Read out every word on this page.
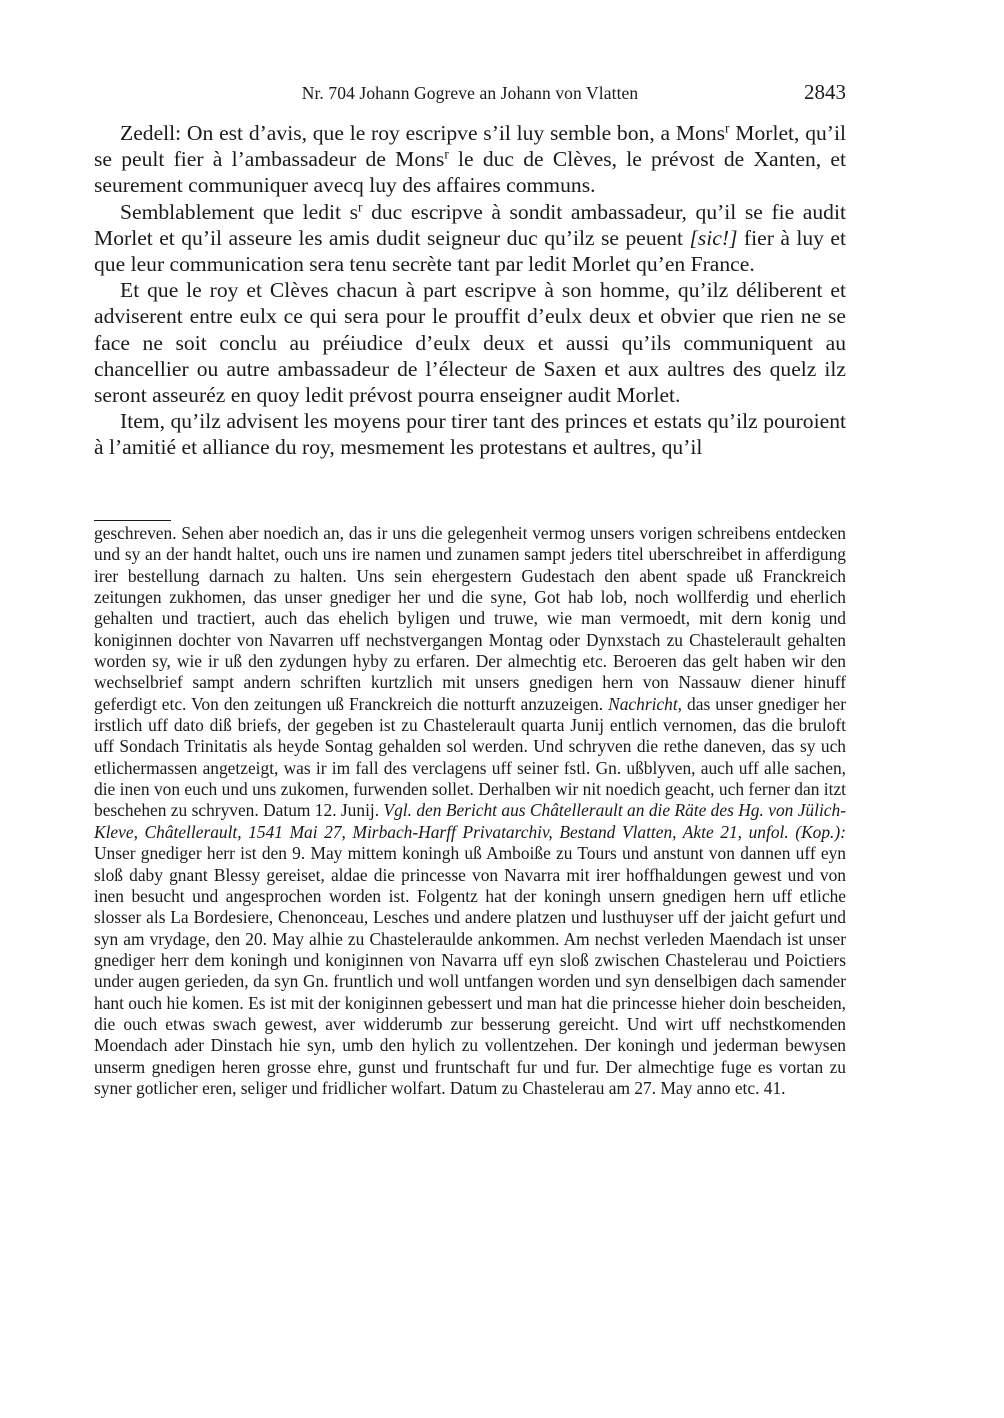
Nr. 704 Johann Gogreve an Johann von Vlatten	2843

Zedell: On est d’avis, que le roy escripve s’il luy semble bon, a Mons$^r$ Morlet, qu’il se peult fier à l’ambassadeur de Mons$^r$ le duc de Clèves, le prévost de Xanten, et seurement communiquer avecq luy des affaires communs.

Semblablement que ledit $s^r$ duc escripve à sondit ambassadeur, qu’il se fie audit Morlet et qu’il asseure les amis dudit seigneur duc qu’ilz se peuent [sic!] fier à luy et que leur communication sera tenu secrète tant par ledit Morlet qu’en France.

Et que le roy et Clèves chacun à part escripve à son homme, qu’ilz déliberent et adviserent entre eulx ce qui sera pour le prouffit d’eulx deux et obvier que rien ne se face ne soit conclu au préiudice d’eulx deux et aussi qu’ils communiquent au chancellier ou autre ambassadeur de l’électeur de Saxen et aux aultres des quelz ilz seront asseuréz en quoy ledit prévost pourra enseigner audit Morlet.

Item, qu’ilz advisent les moyens pour tirer tant des princes et estats qu’ilz pouroient à l’amitié et alliance du roy, mesmement les protestans et aultres, qu’il

geschreven. Sehen aber noedich an, das ir uns die gelegenheit vermog unsers vorigen schreibens entdecken und sy an der handt haltet, ouch uns ire namen und zunamen sampt jeders titel uberschreibet in afferdigung irer bestellung darnach zu halten. Uns sein ehergestern Gudestach den abent spade uß Franckreich zeitungen zukhomen, das unser gnediger her und die syne, Got hab lob, noch wollferdig und eherlich gehalten und tractiert, auch das ehelich byligen und truwe, wie man vermoedt, mit dern konig und koniginnen dochter von Navarren uff nechstvergangen Montag oder Dynxstach zu Chastelerault gehalten worden sy, wie ir uß den zydungen hyby zu erfaren. Der almechtig etc. Beroeren das gelt haben wir den wechselbrief sampt andern schriften kurtzlich mit unsers gnedigen hern von Nassauw diener hinuff geferdigt etc. Von den zeitungen uß Franckreich die notturft anzuzeigen. Nachricht, das unser gnediger her irstlich uff dato diß briefs, der gegeben ist zu Chastelerault quarta Junij entlich vernomen, das die bruloft uff Sondach Trinitatis als heyde Sontag gehalden sol werden. Und schryven die rethe daneven, das sy uch etlichermassen angetzeigt, was ir im fall des verclagens uff seiner fstl. Gn. ußblyven, auch uff alle sachen, die inen von euch und uns zukomen, furwenden sollet. Derhalben wir nit noedich geacht, uch ferner dan itzt beschehen zu schryven. Datum 12. Junij. Vgl. den Bericht aus Châtellerault an die Räte des Hg. von Jülich-Kleve, Châtellerault, 1541 Mai 27, Mirbach-Harff Privatarchiv, Bestand Vlatten, Akte 21, unfol. (Kop.): Unser gnediger herr ist den 9. May mittem koningh uß Amboiße zu Tours und anstunt von dannen uff eyn sloß daby gnant Blessy gereiset, aldae die princesse von Navarra mit irer hoffhaldungen gewest und von inen besucht und angesprochen worden ist. Folgentz hat der koningh unsern gnedigen hern uff etliche slosser als La Bordesiere, Chenonceau, Lesches und andere platzen und lusthuyser uff der jaicht gefurt und syn am vrydage, den 20. May alhie zu Chastelerauldе ankommen. Am nechst verleden Maendach ist unser gnediger herr dem koningh und koniginnen von Navarra uff eyn sloß zwischen Chastelerau und Poictiers under augen gerieden, da syn Gn. fruntlich und woll untfangen worden und syn denselbigen dach samender hant ouch hie komen. Es ist mit der koniginnen gebessert und man hat die princesse hieher doin bescheiden, die ouch etwas swach gewest, aver widderumb zur besserung gereicht. Und wirt uff nechstkomenden Moendach ader Dinstach hie syn, umb den hylich zu vollentzehen. Der koningh und jederman bewysen unserm gnedigen heren grosse ehre, gunst und fruntschaft fur und fur. Der almechtige fuge es vortan zu syner gotlicher eren, seliger und fridlicher wolfart. Datum zu Chastelerau am 27. May anno etc. 41.
